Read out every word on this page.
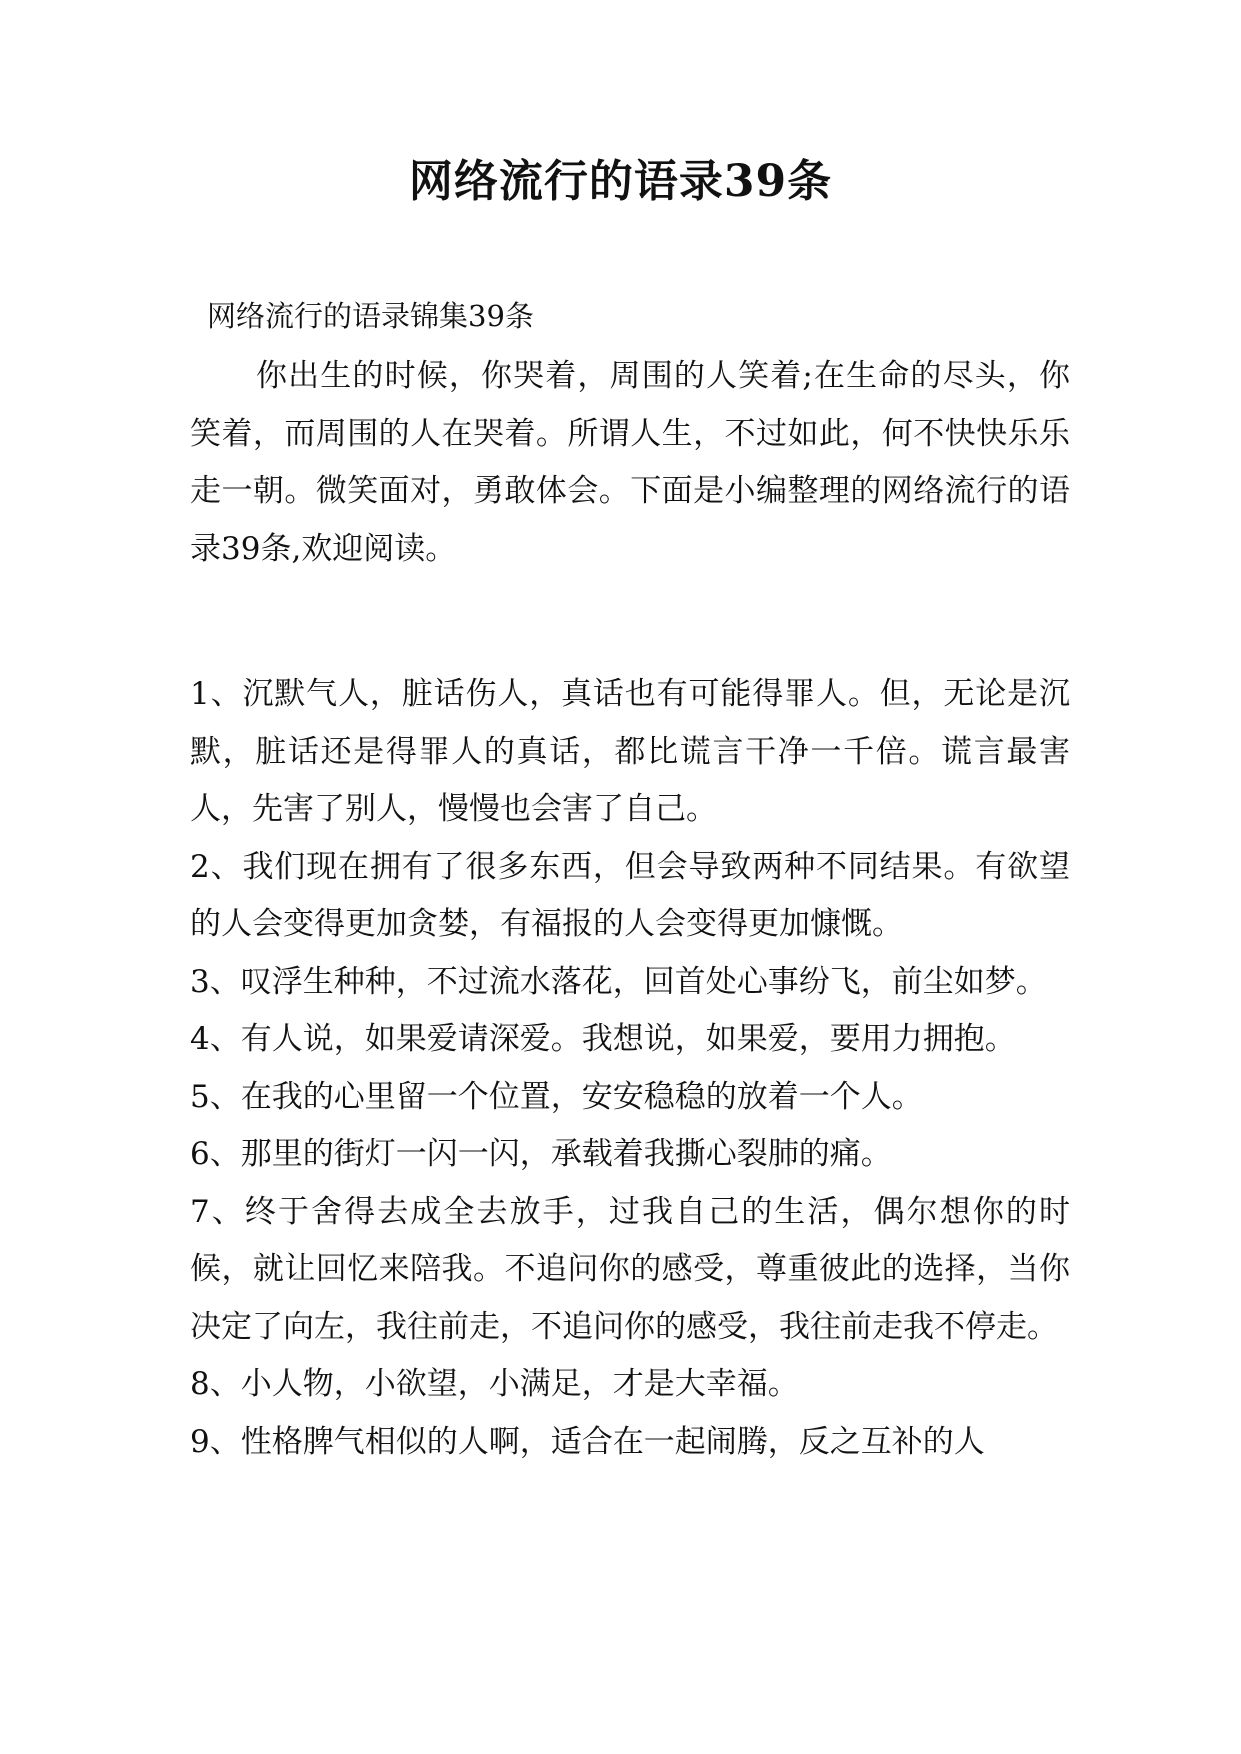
网络流行的语录39条
网络流行的语录锦集39条

你出生的时候，你哭着，周围的人笑着;在生命的尽头，你笑着，而周围的人在哭着。所谓人生，不过如此，何不快快乐乐走一朝。微笑面对，勇敢体会。下面是小编整理的网络流行的语录39条,欢迎阅读。

1、沉默气人，脏话伤人，真话也有可能得罪人。但，无论是沉默，脏话还是得罪人的真话，都比谎言干净一千倍。谎言最害人，先害了别人，慢慢也会害了自己。

2、我们现在拥有了很多东西，但会导致两种不同结果。有欲望的人会变得更加贪婪，有福报的人会变得更加慷慨。

3、叹浮生种种，不过流水落花，回首处心事纷飞，前尘如梦。

4、有人说，如果爱请深爱。我想说，如果爱，要用力拥抱。

5、在我的心里留一个位置，安安稳稳的放着一个人。

6、那里的街灯一闪一闪，承载着我撕心裂肺的痛。

7、终于舍得去成全去放手，过我自己的生活，偶尔想你的时候，就让回忆来陪我。不追问你的感受，尊重彼此的选择，当你决定了向左，我往前走，不追问你的感受，我往前走我不停走。

8、小人物，小欲望，小满足，才是大幸福。

9、性格脾气相似的人啊，适合在一起闹腾，反之互补的人
